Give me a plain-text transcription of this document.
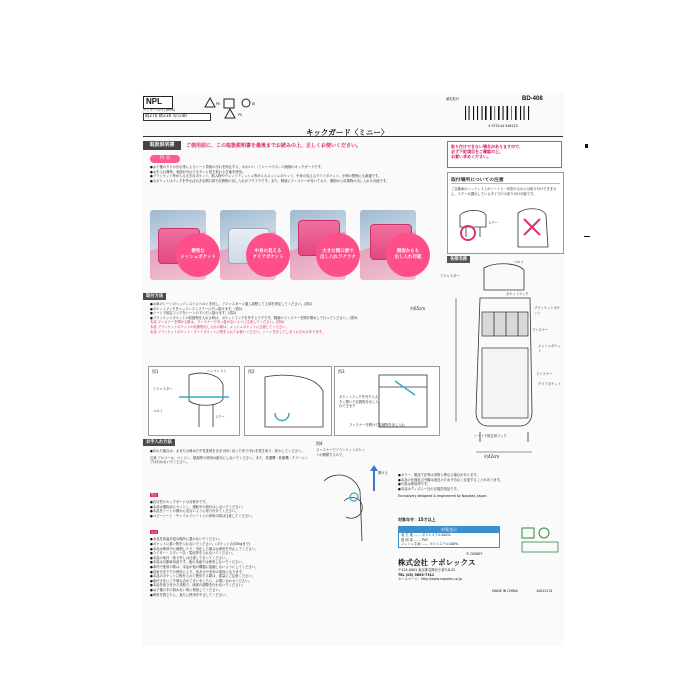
NPL
パッケージ内寸(mm)
縦270 横230 厚み40
PE	紙
PS
値札貼付	BD-408
4 975144 546225
キックガード〈ミニー〉
取扱説明書	ご使用前に、この取扱説明書を最後までお読みの上、正しくお使いください。
特 長
●お子様のクツの汚れ等によるシート背面の汚れを防止する、かわいい〈ミニーマウス〉の柄柄のキックガードです。
●お手入れ簡単。表面が汚れてもサッと拭き取れる生地を使用。
●ブランケット等が入る大きなポケット、飲み物やウェットティッシュ等が入るメッシュポケット、中身の見えるクリアポケット、小物の整理にも最適です。
●大ポケットはフックを外せば大きな開口部で収納物の出し入れがラクラクです。また、側面にファスナーが付いており、側面から収納物の出し入れも可能です。
便利な
メッシュポケット
中身の見える
クリアポケット
大きな開口部で
出し入れラクラク
側面からも
出し入れ可能
取付方法
●お車のシートのヘッドレストにベルトを回し、アジャスターに通し調整して上部を固定してください。(図1)
●ポケットフックをヘッドレストステーに引っ掛けます。(図1)
●シート下固定フックをシートの下に引っ掛けます。(図2)
●ブランケットポケットの収納物を入れる時は、ポケットフックを外すとラクです。側面のファスナーを開け閉めして行ってください。(図3)
本品 ファスナーを開ける際は、ファスナーで引っ掛けないように注意してください。(図4)
本品 ブランケットポケットの収納物出し入れの際は、メッシュポケットに注意してください。
本品 ブランケットポケット・クリアポケットに物を入れてお使いください。シートを汚してしまうおそれがあります。
図1	ヘッドレスト
アジャスター
ベルト
ステー
図2	図3
ポケットフックを外すと大きく開いて収納物を出し入れできます
ファスナーを開けて収納物を出し入れ
図4
ファスナーでブランケットポケットが開閉するので、
開ける
お手入れ方法
●汚れた場合は、水または薄めた中性洗剤を含ませ固く絞った布で汚れを拭き取り、乾かしてください。
注意 アルコール、ベンジン、熱湯等の使用は絶対にしないでください。また、洗濯機・乾燥機・クリーニングは行わないでください。
警告
●乳幼児のキックガードは対象外です。
●本品は運転前にセットし、運転中の取付はしないでください。
●本品をシートの横から出ないように取り付けてください。
●ベビーシート・チャイルドシートとの併用の際は注意してください。
注意
●本品を高温多湿な場所に置かないでください。
●ポケットに重い物を入れないでください。(ポケット合計2kgまで)
●本品は使用中に破損したり、劣化した場合は使用を中止してください。
●ライター・スプレー缶・電池等を入れないでください。
●本品の取付・取り外しは注意して行ってください。
●本品は自動車用品です。他の用途では使用しないでください。
●車内で使用の際は、本品が他の機器に接触しないようにしてください。
●直射日光下での使用により、色あせや変形の原因になります。
●本品のポケットに物を入れて使用する際は、重量にご注意ください。
●取付方法にご不明な点がございましたら、お問い合わせください。
●本品を取り付けた状態で、座席の調整を行わないでください。
●お子様の手の届かない所に保管してください。
●異常を感じたら、直ちに使用を中止してください。
取り付けできない場合がありますので、
必ず下記項目をご確認の上、
お買い求めください。
取付場所についての注意
ご自動車のヘッドレストがシートと一体型のものには取り付けできません。ステーが露出しているタイプのみ取り付け可能です。
ステー
各部名称	ベルト
アジャスター
ポケットフック
ブランケットポケット
ファスナー
メッシュポケット
ファスナー
クリアポケット
シート下固定用フック
約65cm
約42cm
●カラー、製品寸法等は実物と異なる場合があります。
●本品の仕様及び外観は改良のため予告なく変更することがあります。
●写真は使用例です。
●本品はディズニー社の正規許諾品です。
Exclusively designed & engineered by Napolex, Japan
対象年令：15才以上
材質表示
表 生 地 …… ポリエステル100%
透 明 部 …… PVC
メッシュ生地 …… ポリエステル100%
© DISNEY
株式会社 ナポレックス
〒124-0001 東京都葛飾区小菅3-8-22
TEL (03) 3603-7311
ホームページ：http://www.napolex.co.jp
MADE IN CHINA	10012131
